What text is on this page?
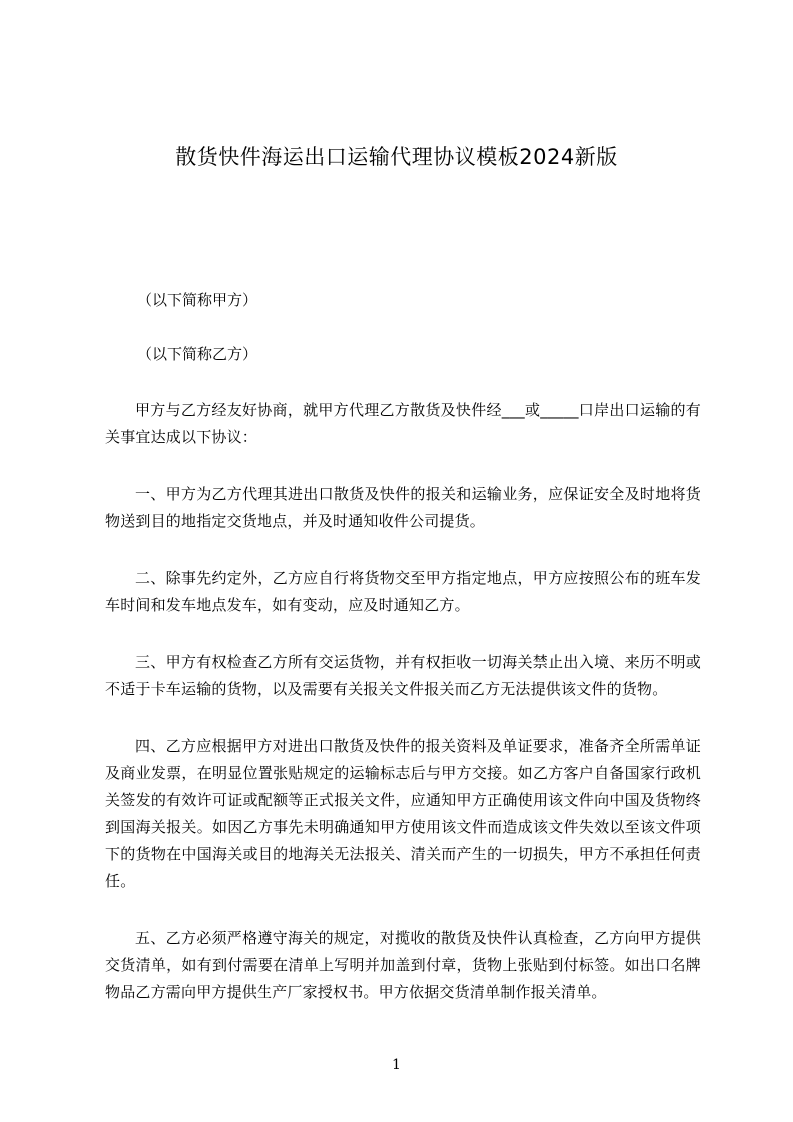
散货快件海运出口运输代理协议模板2024新版
（以下简称甲方）
（以下简称乙方）

甲方与乙方经友好协商，就甲方代理乙方散货及快件经___或_____口岸出口运输的有关事宜达成以下协议：

一、甲方为乙方代理其进出口散货及快件的报关和运输业务，应保证安全及时地将货物送到目的地指定交货地点，并及时通知收件公司提货。

二、除事先约定外，乙方应自行将货物交至甲方指定地点，甲方应按照公布的班车发车时间和发车地点发车，如有变动，应及时通知乙方。

三、甲方有权检查乙方所有交运货物，并有权拒收一切海关禁止出入境、来历不明或不适于卡车运输的货物，以及需要有关报关文件报关而乙方无法提供该文件的货物。

四、乙方应根据甲方对进出口散货及快件的报关资料及单证要求，准备齐全所需单证及商业发票，在明显位置张贴规定的运输标志后与甲方交接。如乙方客户自备国家行政机关签发的有效许可证或配额等正式报关文件，应通知甲方正确使用该文件向中国及货物终到国海关报关。如因乙方事先未明确通知甲方使用该文件而造成该文件失效以至该文件项下的货物在中国海关或目的地海关无法报关、清关而产生的一切损失，甲方不承担任何责任。

五、乙方必须严格遵守海关的规定，对揽收的散货及快件认真检查，乙方向甲方提供交货清单，如有到付需要在清单上写明并加盖到付章，货物上张贴到付标签。如出口名牌物品乙方需向甲方提供生产厂家授权书。甲方依据交货清单制作报关清单。

1
